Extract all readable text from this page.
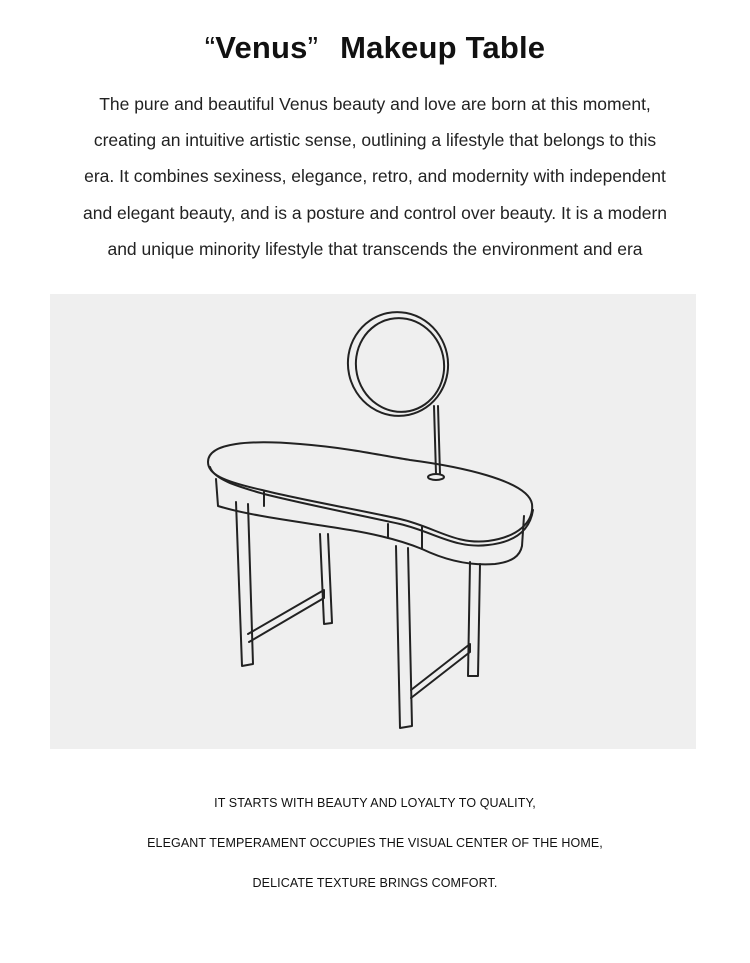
“Venus” Makeup Table

The pure and beautiful Venus beauty and love are born at this moment,

creating an intuitive artistic sense, outlining a lifestyle that belongs to this

era. It combines sexiness, elegance, retro, and modernity with independent

and elegant beauty, and is a posture and control over beauty. It is a modern

and unique minority lifestyle that transcends the environment and era

IT STARTS WITH BEAUTY AND LOYALTY TO QUALITY,
ELEGANT TEMPERAMENT OCCUPIES THE VISUAL CENTER OF THE HOME,
DELICATE TEXTURE BRINGS COMFORT.
